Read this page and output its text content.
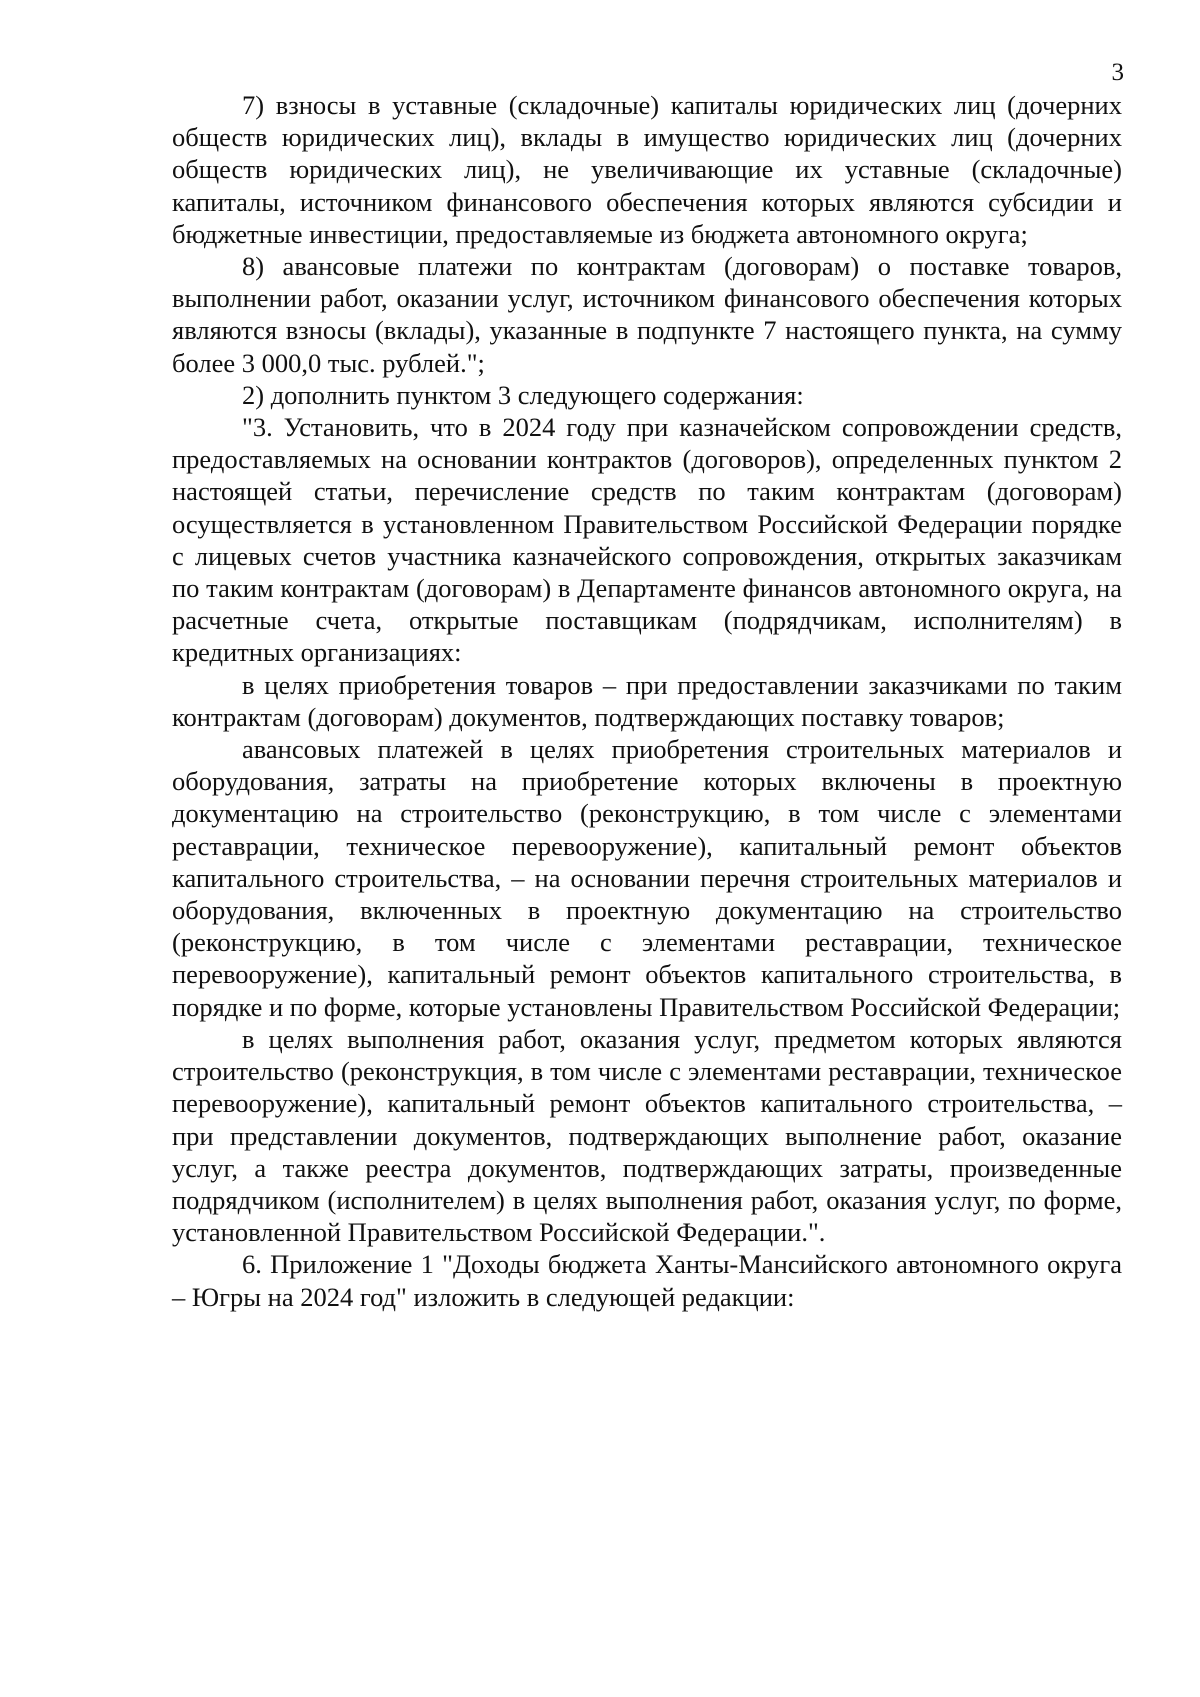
3

7) взносы в уставные (складочные) капиталы юридических лиц (дочерних обществ юридических лиц), вклады в имущество юридических лиц (дочерних обществ юридических лиц), не увеличивающие их уставные (складочные) капиталы, источником финансового обеспечения которых являются субсидии и бюджетные инвестиции, предоставляемые из бюджета автономного округа;

8) авансовые платежи по контрактам (договорам) о поставке товаров, выполнении работ, оказании услуг, источником финансового обеспечения которых являются взносы (вклады), указанные в подпункте 7 настоящего пункта, на сумму более 3 000,0 тыс. рублей.";

2) дополнить пунктом 3 следующего содержания:

"3. Установить, что в 2024 году при казначейском сопровождении средств, предоставляемых на основании контрактов (договоров), определенных пунктом 2 настоящей статьи, перечисление средств по таким контрактам (договорам) осуществляется в установленном Правительством Российской Федерации порядке с лицевых счетов участника казначейского сопровождения, открытых заказчикам по таким контрактам (договорам) в Департаменте финансов автономного округа, на расчетные счета, открытые поставщикам (подрядчикам, исполнителям) в кредитных организациях:

в целях приобретения товаров – при предоставлении заказчиками по таким контрактам (договорам) документов, подтверждающих поставку товаров;

авансовых платежей в целях приобретения строительных материалов и оборудования, затраты на приобретение которых включены в проектную документацию на строительство (реконструкцию, в том числе с элементами реставрации, техническое перевооружение), капитальный ремонт объектов капитального строительства, – на основании перечня строительных материалов и оборудования, включенных в проектную документацию на строительство (реконструкцию, в том числе с элементами реставрации, техническое перевооружение), капитальный ремонт объектов капитального строительства, в порядке и по форме, которые установлены Правительством Российской Федерации;

в целях выполнения работ, оказания услуг, предметом которых являются строительство (реконструкция, в том числе с элементами реставрации, техническое перевооружение), капитальный ремонт объектов капитального строительства, – при представлении документов, подтверждающих выполнение работ, оказание услуг, а также реестра документов, подтверждающих затраты, произведенные подрядчиком (исполнителем) в целях выполнения работ, оказания услуг, по форме, установленной Правительством Российской Федерации.".

6. Приложение 1 "Доходы бюджета Ханты-Мансийского автономного округа – Югры на 2024 год" изложить в следующей редакции:
